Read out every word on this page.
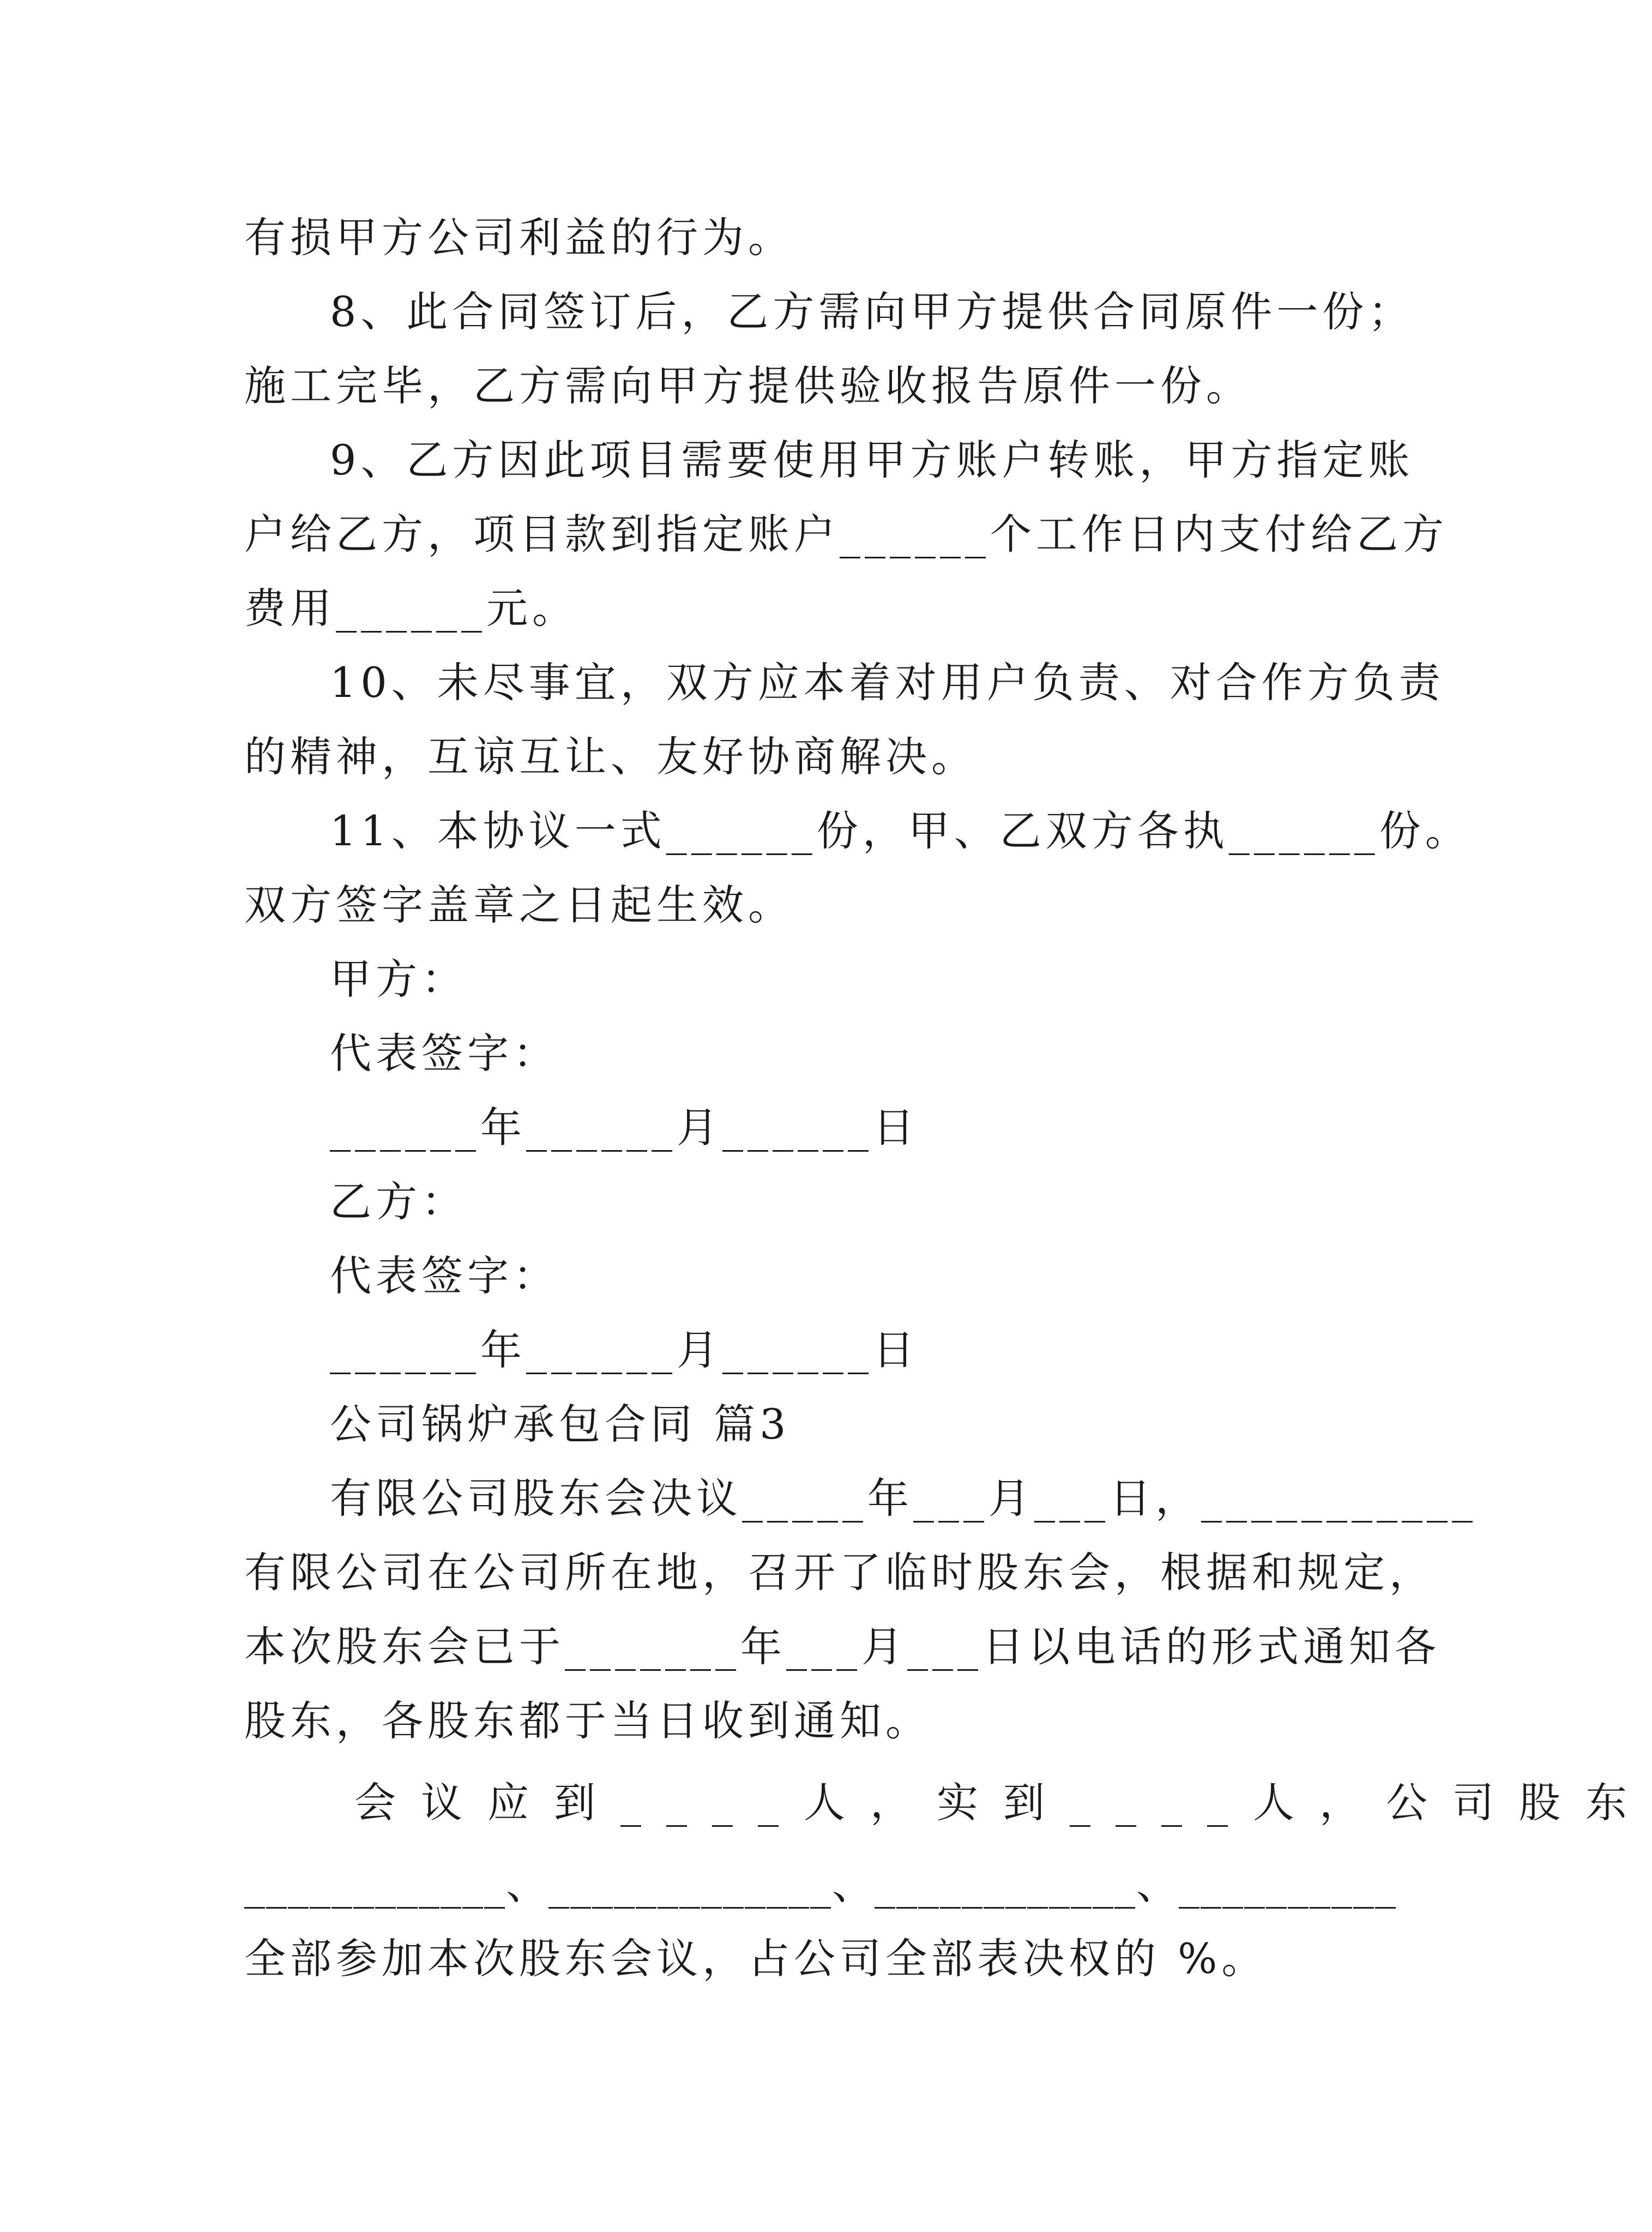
有损甲方公司利益的行为。
8、此合同签订后，乙方需向甲方提供合同原件一份；
施工完毕，乙方需向甲方提供验收报告原件一份。
9、乙方因此项目需要使用甲方账户转账，甲方指定账
户给乙方，项目款到指定账户______个工作日内支付给乙方
费用______元。
10、未尽事宜，双方应本着对用户负责、对合作方负责
的精神，互谅互让、友好协商解决。
11、本协议一式______份，甲、乙双方各执______份。
双方签字盖章之日起生效。
甲方：
代表签字：
______年______月______日
乙方：
代表签字：
______年______月______日
公司锅炉承包合同 篇3
有限公司股东会决议_____年___月___日，___________
有限公司在公司所在地，召开了临时股东会，根据和规定，
本次股东会已于_______年___月___日以电话的形式通知各
股东，各股东都于当日收到通知。
会议应到____人，实到____人，公司股东
____________、_____________、____________、__________
全部参加本次股东会议，占公司全部表决权的 %。
